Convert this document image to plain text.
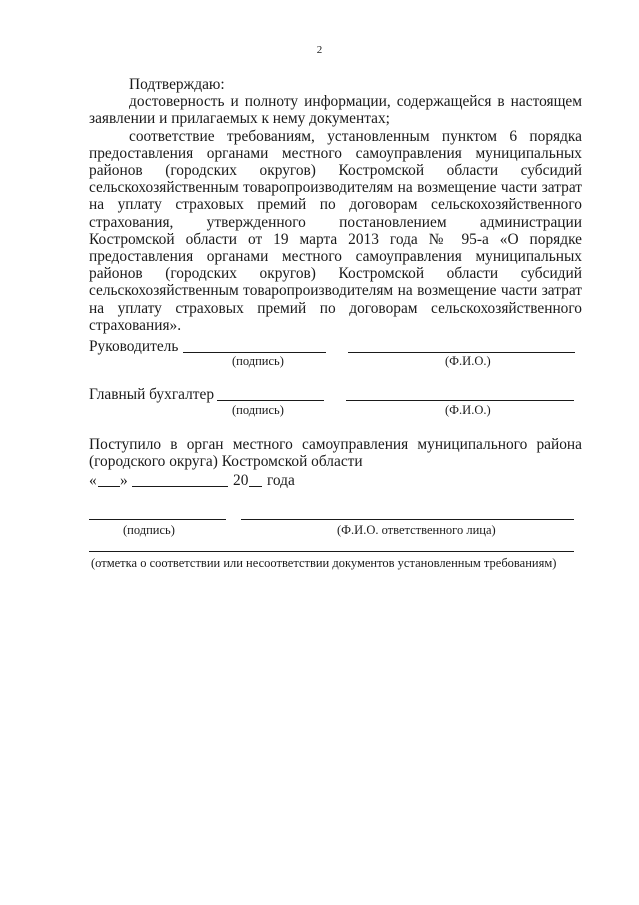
2

Подтверждаю:

достоверность и полноту информации, содержащейся в настоящем заявлении и прилагаемых к нему документах;

соответствие требованиям, установленным пунктом 6 порядка предоставления органами местного самоуправления муниципальных районов (городских округов) Костромской области субсидий сельскохозяйственным товаропроизводителям на возмещение части затрат на уплату страховых премий по договорам сельскохозяйственного страхования, утвержденного постановлением администрации Костромской области от 19 марта 2013 года № 95-а «О порядке предоставления органами местного самоуправления муниципальных районов (городских округов) Костромской области субсидий сельскохозяйственным товаропроизводителям на возмещение части затрат на уплату страховых премий по договорам сельскохозяйственного страхования».

Руководитель
(подпись)	(Ф.И.О.)
Главный бухгалтер
(подпись)	(Ф.И.О.)
Поступило в орган местного самоуправления муниципального района
(городского округа) Костромской области
« »	20 года
(подпись)	(Ф.И.О. ответственного лица)
(отметка о соответствии или несоответствии документов установленным требованиям)
